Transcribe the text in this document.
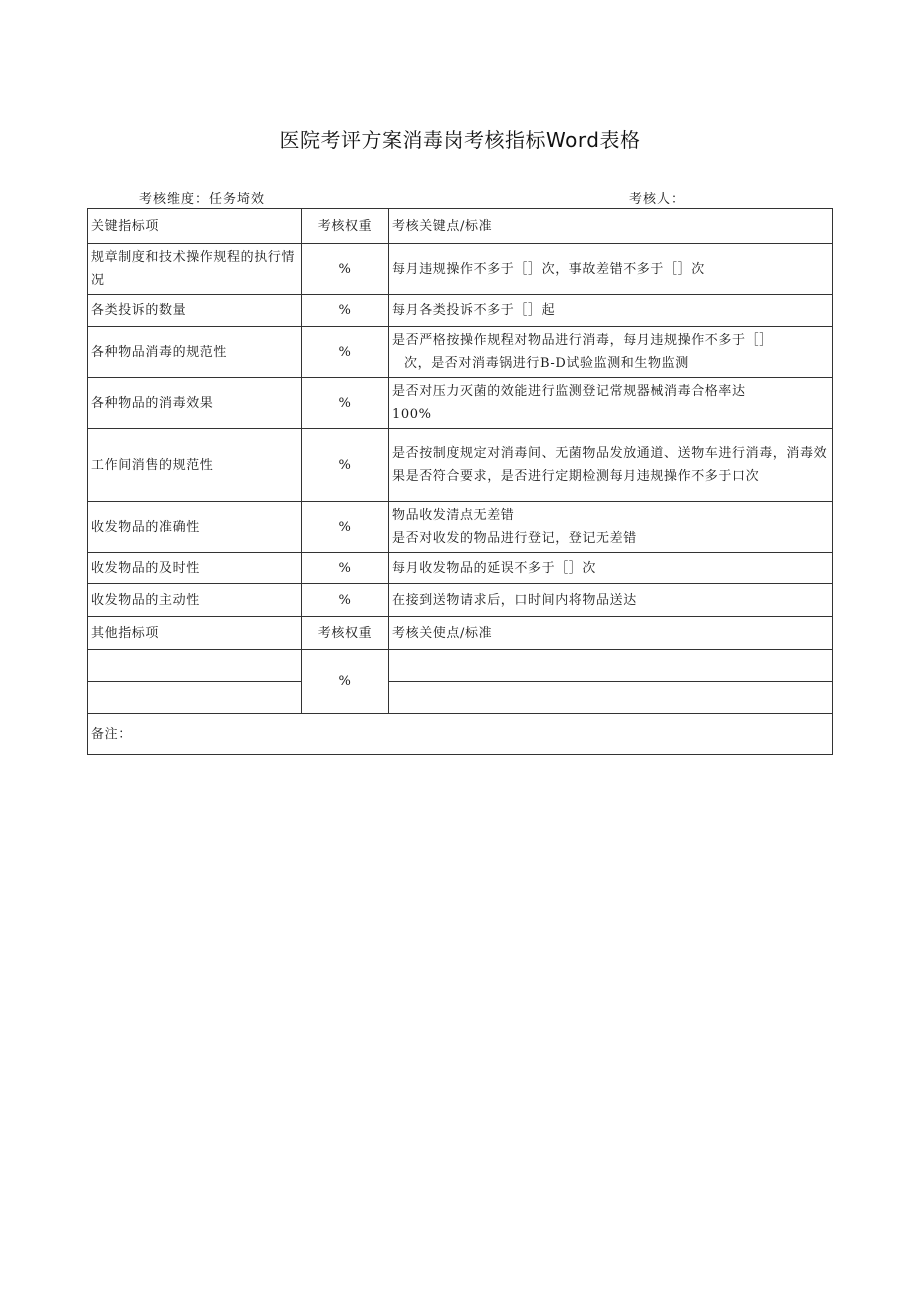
医院考评方案消毒岗考核指标Word表格
考核维度：任务埼效	考核人：
关键指标项	考核权重	考核关键点/标准
规章制度和技术操作规程的执行情况	%	每月违规操作不多于［］次，事故差错不多于［］次
各类投诉的数量	%	每月各类投诉不多于［］起
各种物品消毒的规范性	%	是否严格按操作规程对物品进行消毒，每月违规操作不多于［］
次，是否对消毒锅进行B-D试验监测和生物监测
各种物品的消毒效果	%	是否对压力灭菌的效能进行监测登记常规器械消毒合格率达
100%

工作间消售的规范性	%	是否按制度规定对消毒间、无菌物品发放通道、送物车进行消毒，消毒效果是否符合要求，是否进行定期检测每月违规操作不多于口次
收发物品的准确性	%	物品收发清点无差错
是否对收发的物品进行登记，登记无差错

收发物品的及时性	%	每月收发物品的延误不多于［］次
收发物品的主动性	%	在接到送物请求后，口时间内将物品送达
其他指标项	考核权重	考核关使点/标准
	%	

备注：		
